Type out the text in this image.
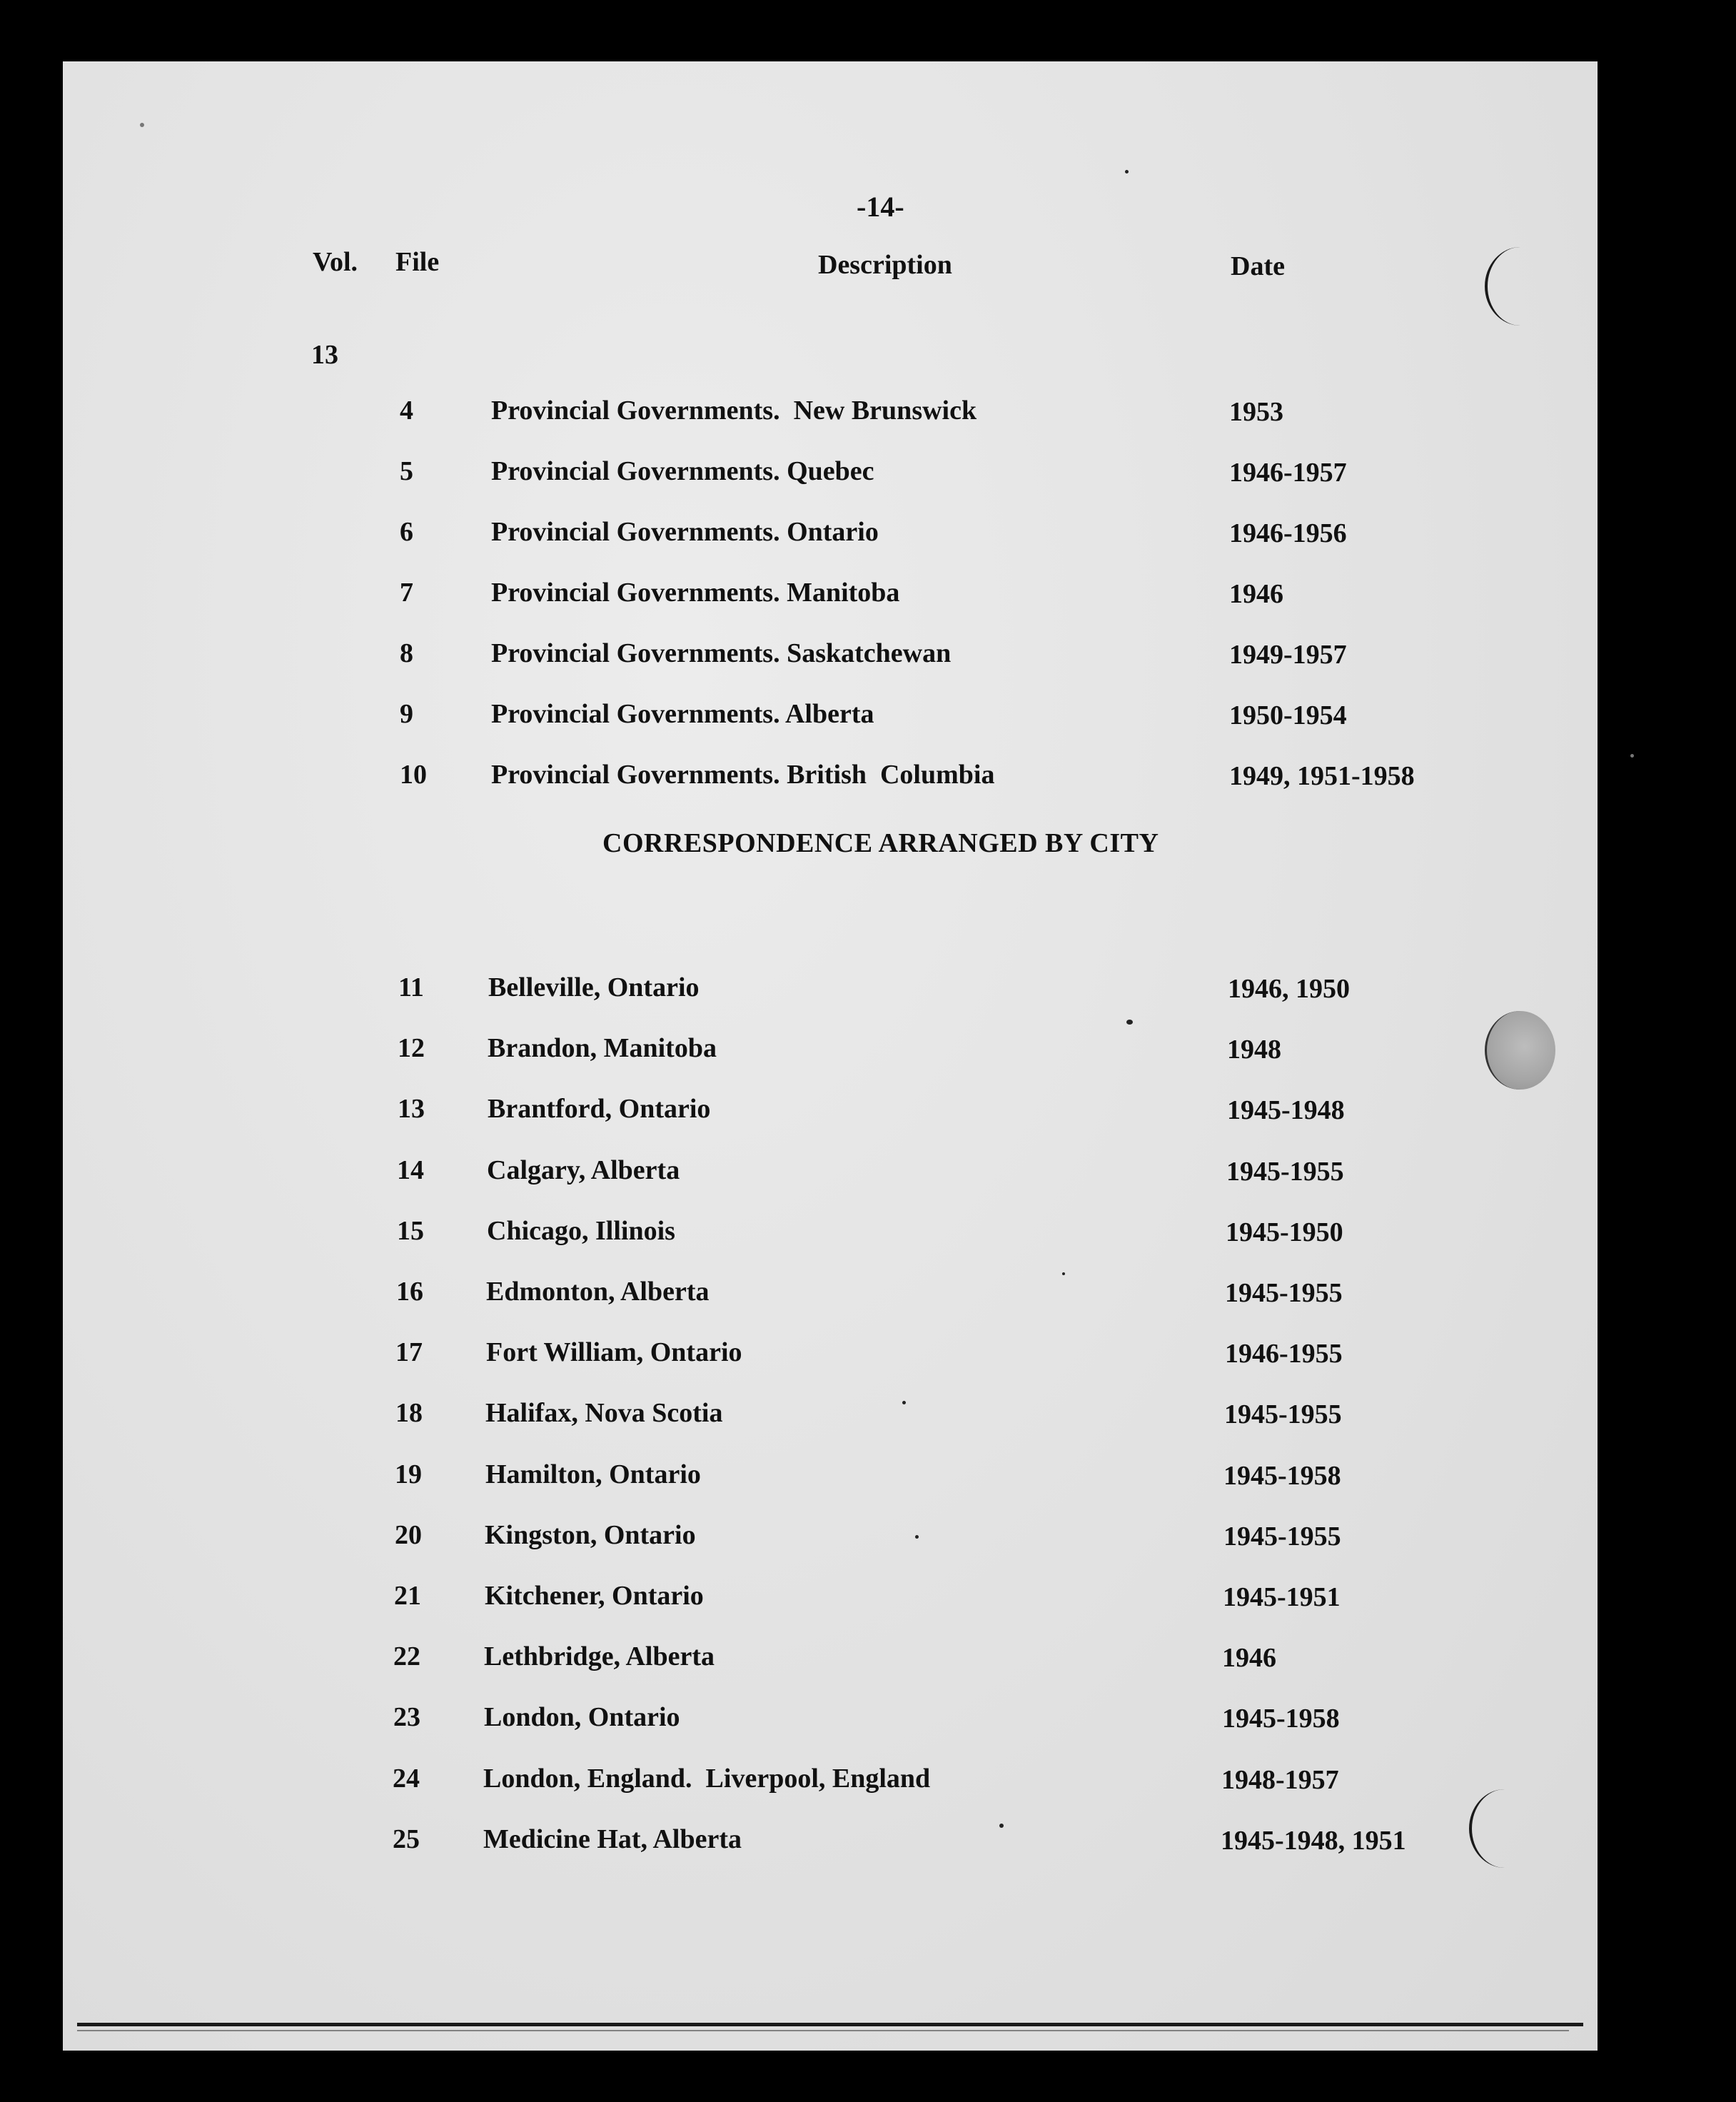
-14-
Vol. File	Description	Date
13
4	Provincial Governments.  New Brunswick	1953
5	Provincial Governments. Quebec	1946-1957
6	Provincial Governments. Ontario	1946-1956
7	Provincial Governments. Manitoba	1946
8	Provincial Governments. Saskatchewan	1949-1957
9	Provincial Governments. Alberta	1950-1954
10 Provincial Governments. British  Columbia	1949, 1951-1958
CORRESPONDENCE ARRANGED BY CITY
11 Belleville, Ontario	1946, 1950
12 Brandon, Manitoba	1948
13 Brantford, Ontario	1945-1948
14 Calgary, Alberta	1945-1955
15 Chicago, Illinois	1945-1950
16 Edmonton, Alberta	1945-1955
17 Fort William, Ontario	1946-1955
18 Halifax, Nova Scotia	1945-1955
19 Hamilton, Ontario	1945-1958
20 Kingston, Ontario	1945-1955
21 Kitchener, Ontario	1945-1951
22 Lethbridge, Alberta	1946
23 London, Ontario	1945-1958
24 London, England.  Liverpool, England	1948-1957
25 Medicine Hat, Alberta	1945-1948, 1951
